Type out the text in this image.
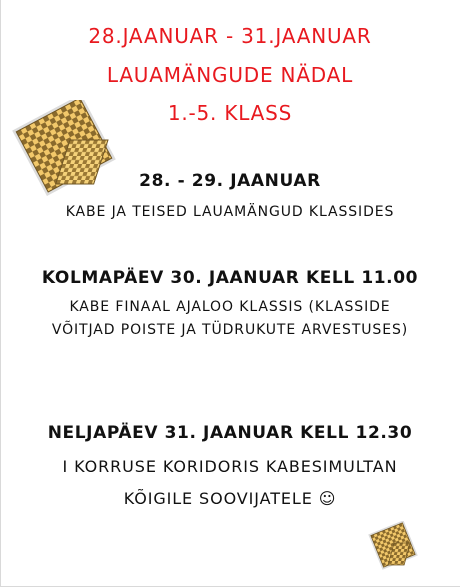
28.JAANUAR - 31.JAANUAR
LAUAMÄNGUDE NÄDAL
1.-5. KLASS
28. - 29. JAANUAR
KABE JA TEISED LAUAMÄNGUD KLASSIDES
KOLMAPÄEV 30. JAANUAR KELL 11.00
KABE FINAAL AJALOO KLASSIS (KLASSIDE
VÕITJAD POISTE JA TÜDRUKUTE ARVESTUSES)
NELJAPÄEV 31. JAANUAR KELL 12.30
I KORRUSE KORIDORIS KABESIMULTAN
KÕIGILE SOOVIJATELE ☺
